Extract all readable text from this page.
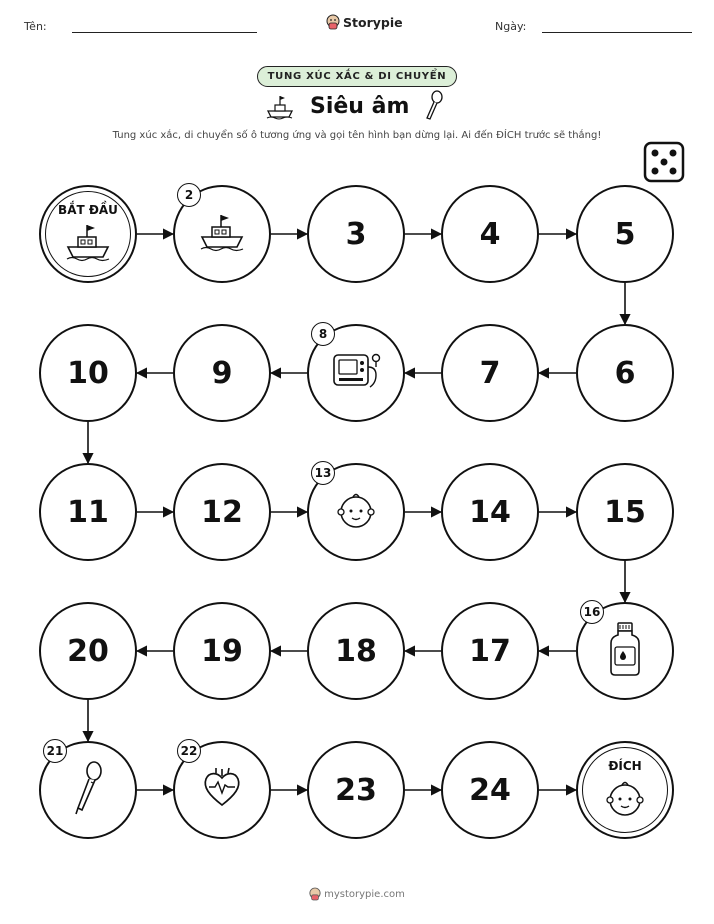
Tên:	Storypie	Ngày:
TUNG XÚC XẮC & DI CHUYỂN
Siêu âm
Tung xúc xắc, di chuyển số ô tương ứng và gọi tên hình bạn dừng lại. Ai đến ĐÍCH trước sẽ thắng!
ĐÍCH
24
23
20	19	18	17
15
14
12
11
10	9	7	6
5
4
3
BẮT ĐẦU
2
8
13
16
21	22
mystorypie.com
